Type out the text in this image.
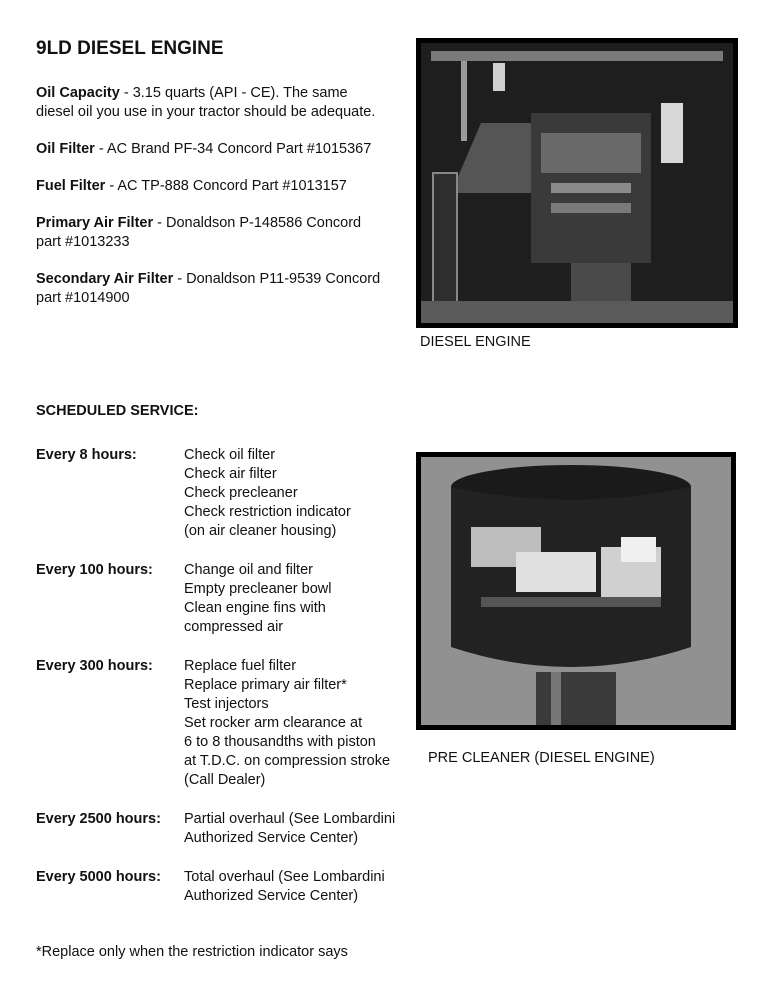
9LD DIESEL ENGINE

Oil Capacity - 3.15 quarts (API - CE). The same diesel oil you use in your tractor should be adequate.

Oil Filter - AC Brand PF-34 Concord Part #1015367

Fuel Filter - AC TP-888 Concord Part #1013157

Primary Air Filter - Donaldson P-148586 Concord part #1013233

Secondary Air Filter - Donaldson P11-9539 Concord part #1014900

DIESEL ENGINE
SCHEDULED SERVICE:
Every 8 hours:	Check oil filter
Check air filter
Check precleaner
Check restriction indicator
(on air cleaner housing)
Every 100 hours:	Change oil and filter
Empty precleaner bowl
Clean engine fins with
compressed air
Every 300 hours:	Replace fuel filter
Replace primary air filter*
Test injectors
Set rocker arm clearance at
6 to 8 thousandths with piston
at T.D.C. on compression stroke
(Call Dealer)
Every 2500 hours:	Partial overhaul (See Lombardini
Authorized Service Center)
Every 5000 hours:	Total overhaul (See Lombardini
Authorized Service Center)
PRE CLEANER (DIESEL ENGINE)
*Replace only when the restriction indicator says
